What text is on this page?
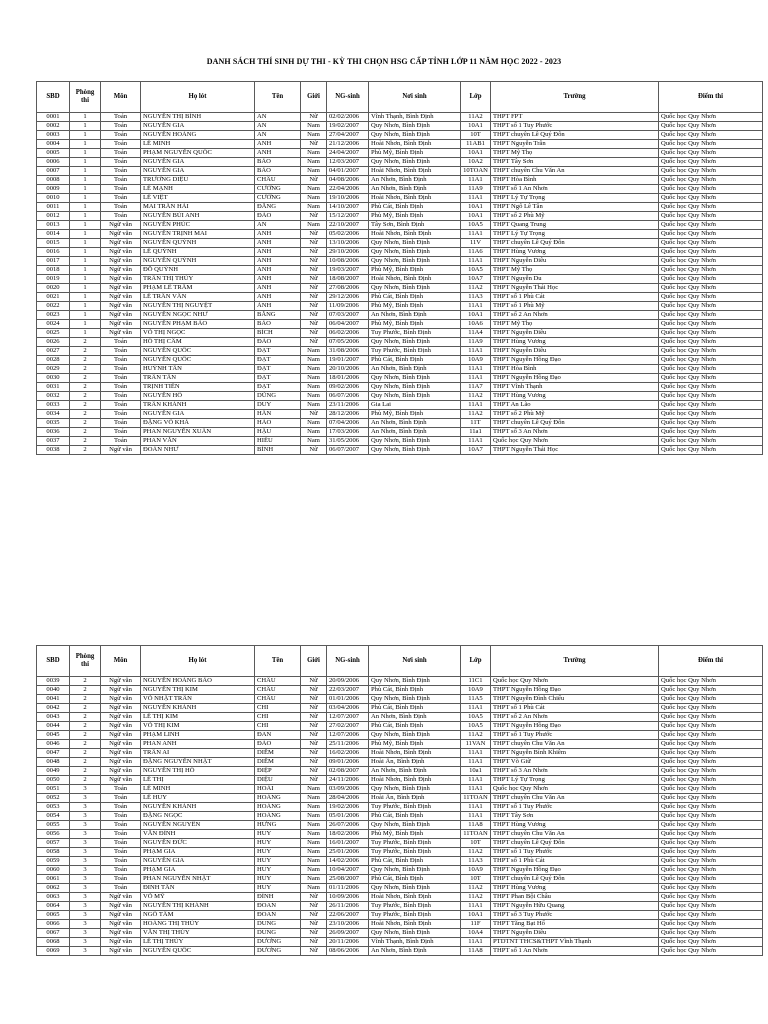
DANH SÁCH THÍ SINH DỰ THI - KỲ THI CHỌN HSG CẤP TỈNH LỚP 11 NĂM HỌC 2022 - 2023
SBD	Phòng thi	Môn	Họ lót	Tên	Giới	NG-sinh	Nơi sinh	Lớp	Trường	Điểm thi
0001	1	Toán	NGUYỄN THỊ BÌNH	AN	Nữ	02/02/2006	Vĩnh Thạnh, Bình Định	11A2	THPT FPT	Quốc học Quy Nhơn
0002	1	Toán	NGUYỄN GIA	AN	Nam	19/02/2007	Quy Nhơn, Bình Định	10A1	THPT số 1 Tuy Phước	Quốc học Quy Nhơn
0003	1	Toán	NGUYỄN HOÀNG	AN	Nam	27/04/2007	Quy Nhơn, Bình Định	10T	THPT chuyên Lê Quý Đôn	Quốc học Quy Nhơn
0004	1	Toán	LÊ MINH	ANH	Nữ	21/12/2006	Hoài Nhơn, Bình Định	11AB1	THPT Nguyễn Trân	Quốc học Quy Nhơn
0005	1	Toán	PHẠM NGUYỄN QUỐC	ANH	Nam	24/04/2007	Phù Mỹ, Bình Định	10A1	THPT Mỹ Thọ	Quốc học Quy Nhơn
0006	1	Toán	NGUYỄN GIA	BẢO	Nam	12/03/2007	Quy Nhơn, Bình Định	10A2	THPT Tây Sơn	Quốc học Quy Nhơn
0007	1	Toán	NGUYỄN GIA	BẢO	Nam	04/01/2007	Hoài Nhơn, Bình Định	10TOAN	THPT chuyên Chu Văn An	Quốc học Quy Nhơn
0008	1	Toán	TRƯƠNG DIỆU	CHÂU	Nữ	04/08/2006	An Nhơn, Bình Định	11A1	THPT Hòa Bình	Quốc học Quy Nhơn
0009	1	Toán	LÊ MẠNH	CƯỜNG	Nam	22/04/2006	An Nhơn, Bình Định	11A9	THPT số 1 An Nhơn	Quốc học Quy Nhơn
0010	1	Toán	LÊ VIỆT	CƯỜNG	Nam	19/10/2006	Hoài Nhơn, Bình Định	11A1	THPT Lý Tự Trọng	Quốc học Quy Nhơn
0011	1	Toán	MAI TRẦN HẢI	ĐĂNG	Nam	14/10/2007	Phù Cát, Bình Định	10A1	THPT Ngô Lê Tân	Quốc học Quy Nhơn
0012	1	Toán	NGUYỄN BÙI ANH	ĐÀO	Nữ	15/12/2007	Phù Mỹ, Bình Định	10A1	THPT số 2 Phù Mỹ	Quốc học Quy Nhơn
0013	1	Ngữ văn	NGUYỄN PHÚC	AN	Nam	22/10/2007	Tây Sơn, Bình Định	10A5	THPT Quang Trung	Quốc học Quy Nhơn
0014	1	Ngữ văn	NGUYỄN TRỊNH MAI	ANH	Nữ	05/02/2006	Hoài Nhơn, Bình Định	11A1	THPT Lý Tự Trọng	Quốc học Quy Nhơn
0015	1	Ngữ văn	NGUYỄN QUỲNH	ANH	Nữ	13/10/2006	Quy Nhơn, Bình Định	11V	THPT chuyên Lê Quý Đôn	Quốc học Quy Nhơn
0016	1	Ngữ văn	LÊ QUỲNH	ANH	Nữ	29/10/2006	Quy Nhơn, Bình Định	11A6	THPT Hùng Vương	Quốc học Quy Nhơn
0017	1	Ngữ văn	NGUYỄN QUỲNH	ANH	Nữ	10/08/2006	Quy Nhơn, Bình Định	11A1	THPT Nguyễn Diêu	Quốc học Quy Nhơn
0018	1	Ngữ văn	ĐỖ QUỲNH	ANH	Nữ	19/03/2007	Phù Mỹ, Bình Định	10A5	THPT Mỹ Thọ	Quốc học Quy Nhơn
0019	1	Ngữ văn	TRẦN THỊ THÙY	ANH	Nữ	18/08/2007	Hoài Nhơn, Bình Định	10A7	THPT Nguyễn Du	Quốc học Quy Nhơn
0020	1	Ngữ văn	PHẠM LÊ TRÂM	ANH	Nữ	27/08/2006	Quy Nhơn, Bình Định	11A2	THPT Nguyễn Thái Học	Quốc học Quy Nhơn
0021	1	Ngữ văn	LÊ TRẦN VÂN	ANH	Nữ	29/12/2006	Phù Cát, Bình Định	11A3	THPT số 1 Phù Cát	Quốc học Quy Nhơn
0022	1	Ngữ văn	NGUYỄN THỊ NGUYỆT	ÁNH	Nữ	11/09/2006	Phù Mỹ, Bình Định	11A1	THPT số 1 Phù Mỹ	Quốc học Quy Nhơn
0023	1	Ngữ văn	NGUYỄN NGỌC NHƯ	BĂNG	Nữ	07/03/2007	An Nhơn, Bình Định	10A1	THPT số 2 An Nhơn	Quốc học Quy Nhơn
0024	1	Ngữ văn	NGUYỄN PHẠM BẢO	BẢO	Nữ	06/04/2007	Phù Mỹ, Bình Định	10A6	THPT Mỹ Thọ	Quốc học Quy Nhơn
0025	1	Ngữ văn	VÕ THỊ NGỌC	BÍCH	Nữ	06/02/2006	Tuy Phước, Bình Định	11A4	THPT Nguyễn Diêu	Quốc học Quy Nhơn
0026	2	Toán	HỒ THỊ CẨM	ĐÀO	Nữ	07/05/2006	Quy Nhơn, Bình Định	11A9	THPT Hùng Vương	Quốc học Quy Nhơn
0027	2	Toán	NGUYỄN QUỐC	ĐẠT	Nam	31/08/2006	Tuy Phước, Bình Định	11A1	THPT Nguyễn Diêu	Quốc học Quy Nhơn
0028	2	Toán	NGUYỄN QUỐC	ĐẠT	Nam	19/01/2007	Phù Cát, Bình Định	10A9	THPT Nguyễn Hồng Đạo	Quốc học Quy Nhơn
0029	2	Toán	HUỲNH TẤN	ĐẠT	Nam	20/10/2006	An Nhơn, Bình Định	11A1	THPT Hòa Bình	Quốc học Quy Nhơn
0030	2	Toán	TRẦN TẤN	ĐẠT	Nam	18/01/2006	Quy Nhơn, Bình Định	11A1	THPT Nguyễn Hồng Đạo	Quốc học Quy Nhơn
0031	2	Toán	TRỊNH TIẾN	ĐẠT	Nam	09/02/2006	Quy Nhơn, Bình Định	11A7	THPT Vĩnh Thạnh	Quốc học Quy Nhơn
0032	2	Toán	NGUYỄN HỒ	DŨNG	Nam	06/07/2006	Quy Nhơn, Bình Định	11A2	THPT Hùng Vương	Quốc học Quy Nhơn
0033	2	Toán	TRẦN KHÁNH	DUY	Nam	23/11/2006	Gia Lai	11A1	THPT An Lão	Quốc học Quy Nhơn
0034	2	Toán	NGUYỄN GIA	HÂN	Nữ	28/12/2006	Phù Mỹ, Bình Định	11A2	THPT số 2 Phù Mỹ	Quốc học Quy Nhơn
0035	2	Toán	ĐẶNG VÕ KHẢ	HÀO	Nam	07/04/2006	An Nhơn, Bình Định	11T	THPT chuyên Lê Quý Đôn	Quốc học Quy Nhơn
0036	2	Toán	PHAN NGUYỄN XUÂN	HẬU	Nam	17/03/2006	An Nhơn, Bình Định	11a1	THPT số 3 An Nhơn	Quốc học Quy Nhơn
0037	2	Toán	PHAN VĂN	HIẾU	Nam	31/05/2006	Quy Nhơn, Bình Định	11A1	Quốc học Quy Nhơn	Quốc học Quy Nhơn
0038	2	Ngữ văn	ĐOÀN NHƯ	BÌNH	Nữ	06/07/2007	Quy Nhơn, Bình Định	10A7	THPT Nguyễn Thái Học	Quốc học Quy Nhơn
SBD	Phòng thi	Môn	Họ lót	Tên	Giới	NG-sinh	Nơi sinh	Lớp	Trường	Điểm thi
0039	2	Ngữ văn	NGUYỄN HOÀNG BẢO	CHÂU	Nữ	20/09/2006	Quy Nhơn, Bình Định	11C1	Quốc học Quy Nhơn	Quốc học Quy Nhơn
0040	2	Ngữ văn	NGUYỄN THỊ KIM	CHÂU	Nữ	22/03/2007	Phù Cát, Bình Định	10A9	THPT Nguyễn Hồng Đạo	Quốc học Quy Nhơn
0041	2	Ngữ văn	VÕ NHẬT TRÂN	CHÂU	Nữ	01/01/2006	Quy Nhơn, Bình Định	11A5	THPT Nguyễn Đình Chiểu	Quốc học Quy Nhơn
0042	2	Ngữ văn	NGUYỄN KHÁNH	CHI	Nữ	03/04/2006	Phù Cát, Bình Định	11A1	THPT số 1 Phù Cát	Quốc học Quy Nhơn
0043	2	Ngữ văn	LÊ THỊ KIM	CHI	Nữ	12/07/2007	An Nhơn, Bình Định	10A5	THPT số 2 An Nhơn	Quốc học Quy Nhơn
0044	2	Ngữ văn	VÕ THỊ KIM	CHI	Nữ	27/02/2007	Phù Cát, Bình Định	10A5	THPT Nguyễn Hồng Đạo	Quốc học Quy Nhơn
0045	2	Ngữ văn	PHẠM LINH	ĐAN	Nữ	12/07/2006	Quy Nhơn, Bình Định	11A2	THPT số 1 Tuy Phước	Quốc học Quy Nhơn
0046	2	Ngữ văn	PHAN ANH	ĐÀO	Nữ	25/11/2006	Phù Mỹ, Bình Định	11VAN	THPT chuyên Chu Văn An	Quốc học Quy Nhơn
0047	2	Ngữ văn	TRẦN AI	DIỄM	Nữ	16/02/2006	Hoài Nhơn, Bình Định	11A1	THPT Nguyễn Bỉnh Khiêm	Quốc học Quy Nhơn
0048	2	Ngữ văn	ĐẶNG NGUYỄN NHẬT	DIỄM	Nữ	09/01/2006	Hoài Ân, Bình Định	11A1	THPT Võ Giữ	Quốc học Quy Nhơn
0049	2	Ngữ văn	NGUYỄN THỊ HỒ	ĐIỆP	Nữ	02/08/2007	An Nhơn, Bình Định	10a1	THPT số 3 An Nhơn	Quốc học Quy Nhơn
0050	2	Ngữ văn	LÊ THỊ	DIỆU	Nữ	24/11/2006	Hoài Nhơn, Bình Định	11A1	THPT Lý Tự Trọng	Quốc học Quy Nhơn
0051	3	Toán	LÊ MINH	HOÀI	Nam	03/09/2006	Quy Nhơn, Bình Định	11A1	Quốc học Quy Nhơn	Quốc học Quy Nhơn
0052	3	Toán	LÊ HUY	HOÀNG	Nam	28/04/2006	Hoài Ân, Bình Định	11TOAN	THPT chuyên Chu Văn An	Quốc học Quy Nhơn
0053	3	Toán	NGUYỄN KHÁNH	HOÀNG	Nam	19/02/2006	Tuy Phước, Bình Định	11A1	THPT số 1 Tuy Phước	Quốc học Quy Nhơn
0054	3	Toán	ĐẶNG NGỌC	HOÀNG	Nam	05/01/2006	Phù Cát, Bình Định	11A1	THPT Tây Sơn	Quốc học Quy Nhơn
0055	3	Toán	NGUYỄN NGUYÊN	HƯNG	Nam	26/07/2006	Quy Nhơn, Bình Định	11A8	THPT Hùng Vương	Quốc học Quy Nhơn
0056	3	Toán	VĂN ĐÌNH	HUY	Nam	18/02/2006	Phù Mỹ, Bình Định	11TOAN	THPT chuyên Chu Văn An	Quốc học Quy Nhơn
0057	3	Toán	NGUYỄN ĐỨC	HUY	Nam	16/01/2007	Tuy Phước, Bình Định	10T	THPT chuyên Lê Quý Đôn	Quốc học Quy Nhơn
0058	3	Toán	PHẠM GIA	HUY	Nam	25/01/2006	Tuy Phước, Bình Định	11A2	THPT số 1 Tuy Phước	Quốc học Quy Nhơn
0059	3	Toán	NGUYỄN GIA	HUY	Nam	14/02/2006	Phù Cát, Bình Định	11A3	THPT số 1 Phù Cát	Quốc học Quy Nhơn
0060	3	Toán	PHẠM GIA	HUY	Nam	10/04/2007	Quy Nhơn, Bình Định	10A9	THPT Nguyễn Hồng Đạo	Quốc học Quy Nhơn
0061	3	Toán	PHAN NGUYỄN NHẬT	HUY	Nam	25/08/2007	Phù Cát, Bình Định	10T	THPT chuyên Lê Quý Đôn	Quốc học Quy Nhơn
0062	3	Toán	ĐINH TẤN	HUY	Nam	01/11/2006	Quy Nhơn, Bình Định	11A2	THPT Hùng Vương	Quốc học Quy Nhơn
0063	3	Ngữ văn	VÕ MỸ	ĐÌNH	Nữ	10/09/2006	Hoài Nhơn, Bình Định	11A2	THPT Phan Bội Châu	Quốc học Quy Nhơn
0064	3	Ngữ văn	NGUYỄN THỊ KHÁNH	ĐOAN	Nữ	26/11/2006	Tuy Phước, Bình Định	11A1	THPT Nguyễn Hữu Quang	Quốc học Quy Nhơn
0065	3	Ngữ văn	NGÔ TÂM	ĐOAN	Nữ	22/06/2007	Tuy Phước, Bình Định	10A1	THPT số 3 Tuy Phước	Quốc học Quy Nhơn
0066	3	Ngữ văn	HOÀNG THỊ THÙY	DUNG	Nữ	23/10/2006	Hoài Nhơn, Bình Định	11F	THPT Tăng Bạt Hổ	Quốc học Quy Nhơn
0067	3	Ngữ văn	VĂN THỊ THÙY	DUNG	Nữ	26/09/2007	Quy Nhơn, Bình Định	10A4	THPT Nguyễn Diêu	Quốc học Quy Nhơn
0068	3	Ngữ văn	LÊ THỊ THÙY	DƯƠNG	Nữ	20/11/2006	Vĩnh Thạnh, Bình Định	11A1	PTDTNT THCS&THPT Vĩnh Thạnh	Quốc học Quy Nhơn
0069	3	Ngữ văn	NGUYỄN QUỐC	DƯƠNG	Nữ	08/06/2006	An Nhơn, Bình Định	11A8	THPT số 1 An Nhơn	Quốc học Quy Nhơn
